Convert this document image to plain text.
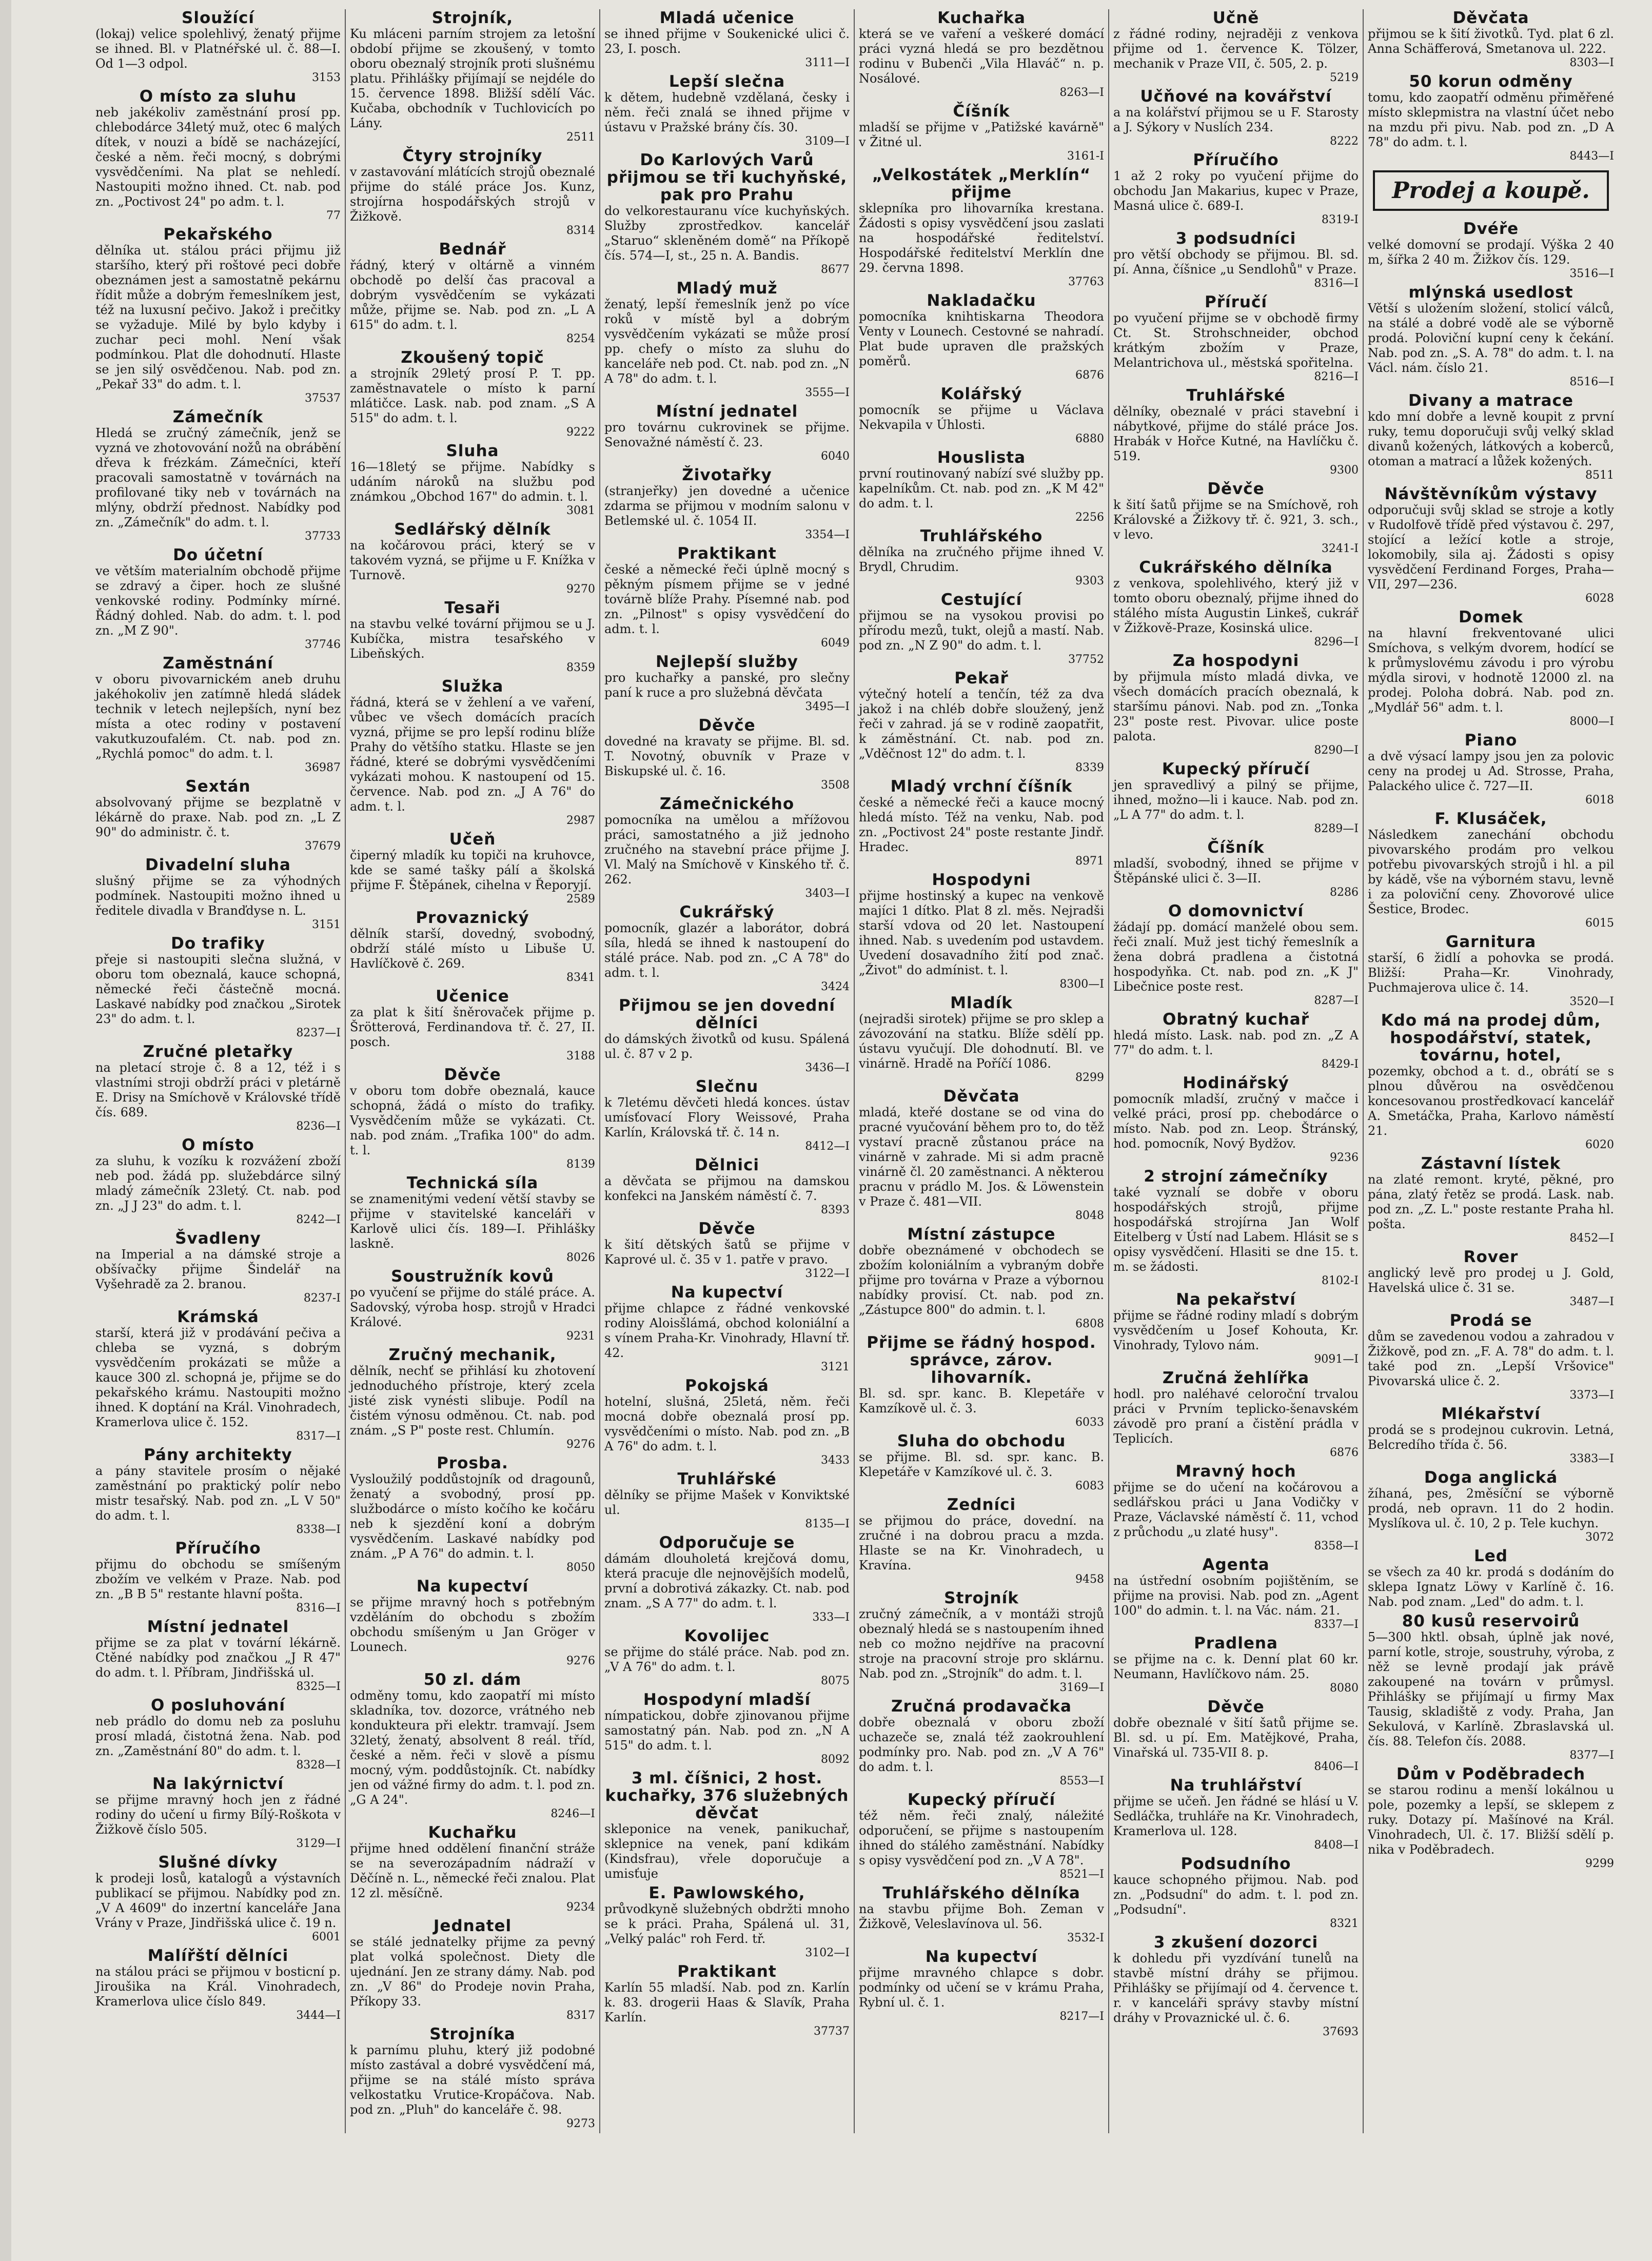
Sloužící

(lokaj) velice spolehlivý, ženatý přijme se ihned. Bl. v Platnéřské ul. č. 88—I. Od 1—3 odpol.

3153

O místo za sluhu

neb jakékoliv zaměstnání prosí pp. chlebodárce 34letý muž, otec 6 malých dítek, v nouzi a bídě se nacházející, české a něm. řeči mocný, s dobrými vysvědčeními. Na plat se nehledí. Nastoupiti možno ihned. Ct. nab. pod zn. „Poctivost 24" po adm. t. l.

77

Pekařského

dělníka ut. stálou práci přijmu již staršího, který při roštové peci dobře obeznámen jest a samostatně pekárnu řídit může a dobrým řemeslníkem jest, též na luxusní pečivo. Jakož i prečitky se vyžaduje. Milé by bylo kdyby i zuchar peci mohl. Není však podmínkou. Plat dle dohodnutí. Hlaste se jen silý osvědčenou. Nab. pod zn. „Pekař 33" do adm. t. l.

37537

Zámečník

Hledá se zručný zámečník, jenž se vyzná ve zhotovování nožů na obrábění dřeva k frézkám. Zámečníci, kteří pracovali samostatně v továrnách na profilované tiky neb v továrnách na mlýny, obdrží přednost. Nabídky pod zn. „Zámečník" do adm. t. l.

37733

Do účetní

ve větším materialním obchodě přijme se zdravý a čiper. hoch ze slušné venkovské rodiny. Podmínky mírné. Řádný dohled. Nab. do adm. t. l. pod zn. „M Z 90".

37746

Zaměstnání

v oboru pivovarnickém aneb druhu jakéhokoliv jen zatímně hledá sládek technik v letech nejlepších, nyní bez místa a otec rodiny v postavení vakutkuzoufalém. Ct. nab. pod zn. „Rychlá pomoc" do adm. t. l.

36987

Sextán

absolvovaný přijme se bezplatně v lékárně do praxe. Nab. pod zn. „L Z 90" do administr. č. t.

37679

Divadelní sluha

slušný přijme se za výhodných podmínek. Nastoupiti možno ihned u ředitele divadla v Branďdyse n. L.

3151

Do trafiky

přeje si nastoupiti slečna služná, v oboru tom obeznalá, kauce schopná, německé řeči částečně mocná. Laskavé nabídky pod značkou „Sirotek 23" do adm. t. l.

8237—I

Zručné pletařky

na pletací stroje č. 8 a 12, též i s vlastními stroji obdrží práci v pletárně E. Drisy na Smíchově v Královské třídě čís. 689.

8236—I

O místo

za sluhu, k vozíku k rozvážení zboží neb pod. žádá pp. služebdárce silný mladý zámečník 23letý. Ct. nab. pod zn. „J J 23" do adm. t. l.

8242—I

Švadleny

na Imperial a na dámské stroje a obšívačky přijme Šindelář na Vyšehradě za 2. branou.

8237-I

Krámská

starší, která již v prodávání pečiva a chleba se vyzná, s dobrým vysvědčením prokázati se může a kauce 300 zl. schopná je, přijme se do pekařského krámu. Nastoupiti možno ihned. K doptání na Král. Vinohradech, Kramerlova ulice č. 152.

8317—I

Pány architekty

a pány stavitele prosím o nějaké zaměstnání po praktický polír nebo mistr tesařský. Nab. pod zn. „L V 50" do adm. t. l.

8338—I

Příručího

přijmu do obchodu se smíšeným zbožím ve velkém v Praze. Nab. pod zn. „B B 5" restante hlavní pošta.

8316—I

Místní jednatel

přijme se za plat v tovární lékárně. Ctěné nabídky pod značkou „J R 47" do adm. t. l. Příbram, Jindřišská ul.

8325—I

O posluhování

neb prádlo do domu neb za posluhu prosí mladá, čistotná žena. Nab. pod zn. „Zaměstnání 80" do adm. t. l.

8328—I

Na lakýrnictví

se přijme mravný hoch jen z řádné rodiny do učení u firmy Bílý-Roškota v Žižkově číslo 505.

3129—I

Slušné dívky

k prodeji losů, katalogů a výstavních publikací se přijmou. Nabídky pod zn. „V A 4609" do inzertní kanceláře Jana Vrány v Praze, Jindřišská ulice č. 19 n.

6001

Malířští dělníci

na stálou práci se přijmou v bosticní p. Jiroušika na Král. Vinohradech, Kramerlova ulice číslo 849.

3444—I

Strojník,

Ku mláceni parním strojem za letošní období přijme se zkoušený, v tomto oboru obeznalý strojník proti slušnému platu. Přihlášky přijímají se nejdéle do 15. července 1898. Bližší sdělí Vác. Kučaba, obchodník v Tuchlovicích po Lány.

2511

Čtyry strojníky

v zastavování mlátících strojů obeznalé přijme do stálé práce Jos. Kunz, strojírna hospodářských strojů v Žižkově.

8314

Bednář

řádný, který v oltárně a vinném obchodě po delší čas pracoval a dobrým vysvědčením se vykázati může, přijme se. Nab. pod zn. „L A 615" do adm. t. l.

8254

Zkoušený topič

a strojník 29letý prosí P. T. pp. zaměstnavatele o místo k parní mlátičce. Lask. nab. pod znam. „S A 515" do adm. t. l.

9222

Sluha

16—18letý se přijme. Nabídky s udáním nároků na službu pod známkou „Obchod 167" do admin. t. l.

3081

Sedlářský dělník

na kočárovou práci, který se v takovém vyzná, se přijme u F. Knížka v Turnově.

9270

Tesaři

na stavbu velké tovární přijmou se u J. Kubíčka, mistra tesařského v Libeňských.

8359

Služka

řádná, která se v žehlení a ve vaření, vůbec ve všech domácích pracích vyzná, přijme se pro lepší rodinu blíže Prahy do většího statku. Hlaste se jen řádné, které se dobrými vysvědčeními vykázati mohou. K nastoupení od 15. července. Nab. pod zn. „J A 76" do adm. t. l.

2987

Učeň

čiperný mladík ku topiči na kruhovce, kde se samé tašky pálí a školská přijme F. Štěpánek, cihelna v Řeporyjí.

2589

Provaznický

dělník starší, dovedný, svobodný, obdrží stálé místo u Libuše U. Havlíčkově č. 269.

8341

Učenice

za plat k šití šněrovaček přijme p. Šrötterová, Ferdinandova tř. č. 27, II. posch.

3188

Děvče

v oboru tom dobře obeznalá, kauce schopná, žádá o místo do trafiky. Vysvědčením může se vykázati. Ct. nab. pod znám. „Trafika 100" do adm. t. l.

8139

Technická síla

se znamenitými vedení větší stavby se přijme v stavitelské kanceláři v Karlově ulici čís. 189—I. Přihlášky laskně.

8026

Soustružník kovů

po vyučení se přijme do stálé práce. A. Sadovský, výroba hosp. strojů v Hradci Králové.

9231

Zručný mechanik,

dělník, nechť se přihlásí ku zhotovení jednoduchého přístroje, který zcela jisté zisk vynésti slibuje. Podíl na čistém výnosu odměnou. Ct. nab. pod znám. „S P" poste rest. Chlumín.

9276

Prosba.

Vysloužilý poddůstojník od dragounů, ženatý a svobodný, prosí pp. službodárce o místo kočího ke kočáru neb k sjezdění koní a dobrým vysvědčením. Laskavé nabídky pod znám. „P A 76" do admin. t. l.

8050

Na kupectví

se přijme mravný hoch s potřebným vzděláním do obchodu s zbožím obchodu smíšeným u Jan Gröger v Lounech.

9276

50 zl. dám

odměny tomu, kdo zaopatří mi místo skladníka, tov. dozorce, vrátného neb kondukteura při elektr. tramvají. Jsem 32letý, ženatý, absolvent 8 reál. tříd, české a něm. řeči v slově a písmu mocný, vým. poddůstojník. Ct. nabídky jen od vážné firmy do adm. t. l. pod zn. „G A 24".

8246—I

Kuchařku

přijme hned oddělení finanční stráže se na severozápadním nádraží v Děčíně n. L., německé řeči znalou. Plat 12 zl. měsíčně.

9234

Jednatel

se stálé jednatelky přijme za pevný plat volká společnost. Diety dle ujednání. Jen ze strany dámy. Nab. pod zn. „V 86" do Prodeje novin Praha, Příkopy 33.

8317

Strojníka

k parnímu pluhu, který již podobné místo zastával a dobré vysvědčení má, přijme se na stálé místo správa velkostatku Vrutice-Kropáčova. Nab. pod zn. „Pluh" do kanceláře č. 98.

9273

Mladá učenice

se ihned přijme v Soukenické ulici č. 23, I. posch.

3111—I

Lepší slečna

k dětem, hudebně vzdělaná, česky i něm. řeči znalá se ihned přijme v ústavu v Pražské brány čís. 30.

3109—I

Do Karlových Varů přijmou se tři kuchyňské, pak pro Prahu

do velkorestauranu více kuchyňských. Služby zprostředkov. kancelář „Staruo“ skleněném domě“ na Příkopě čís. 574—I, st., 25 n. A. Bandis.

8677

Mladý muž

ženatý, lepší řemeslník jenž po více roků v místě byl a dobrým vysvědčením vykázati se může prosí pp. chefy o místo za sluhu do kanceláře neb pod. Ct. nab. pod zn. „N A 78" do adm. t. l.

3555—I

Místní jednatel

pro továrnu cukrovinek se přijme. Senovažné náměstí č. 23.

6040

Životařky

(stranjeřky) jen dovedné a učenice zdarma se přijmou v modním salonu v Betlemské ul. č. 1054 II.

3354—I

Praktikant

české a německé řeči úplně mocný s pěkným písmem přijme se v jedné továrně blíže Prahy. Písemné nab. pod zn. „Pilnost" s opisy vysvědčení do adm. t. l.

6049

Nejlepší služby

pro kuchařky a panské, pro slečny paní k ruce a pro služebná děvčata

3495—I

Děvče

dovedné na kravaty se přijme. Bl. sd. T. Novotný, obuvník v Praze v Biskupské ul. č. 16.

3508

Zámečnického

pomocníka na umělou a mřížovou práci, samostatného a již jednoho zručného na stavební práce přijme J. Vl. Malý na Smíchově v Kinského tř. č. 262.

3403—I

Cukrářský

pomocník, glazér a laborátor, dobrá síla, hledá se ihned k nastoupení do stálé práce. Nab. pod zn. „C A 78" do adm. t. l.

3424

Přijmou se jen dovední dělníci

do dámských životků od kusu. Spálená ul. č. 87 v 2 p.

3436—I

Slečnu

k 7letému děvčeti hledá konces. ústav umísťovací Flory Weissové, Praha Karlín, Královská tř. č. 14 n.

8412—I

Dělnici

a děvčata se přijmou na damskou konfekci na Janském náměstí č. 7.

8393

Děvče

k šití dětských šatů se přijme v Kaprové ul. č. 35 v 1. patře v pravo.

3122—I

Na kupectví

přijme chlapce z řádné venkovské rodiny Aloisšlámá, obchod koloniální a s vínem Praha-Kr. Vinohrady, Hlavní tř. 42.

3121

Pokojská

hotelní, slušná, 25letá, něm. řeči mocná dobře obeznalá prosí pp. vysvědčeními o místo. Nab. pod zn. „B A 76" do adm. t. l.

3433

Truhlářské

dělníky se přijme Mašek v Konviktské ul.

8135—I

Odporučuje se

dámám dlouholetá krejčová domu, která pracuje dle nejnovějších modelů, první a dobrotivá zákazky. Ct. nab. pod znam. „S A 77" do adm. t. l.

333—I

Kovolijec

se přijme do stálé práce. Nab. pod zn. „V A 76" do adm. t. l.

8075

Hospodyní mladší

nímpatickou, dobře zjinovanou přijme samostatný pán. Nab. pod zn. „N A 515" do adm. t. l.

8092

3 ml. číšnici, 2 host. kuchařky, 376 služebných děvčat

skleponice na venek, panikuchař, sklepnice na venek, paní kdikám (Kindsfrau), vřele doporučuje a umisťuje

E. Pawlowského,

průvodkyně služebných obdržti mnoho se k práci. Praha, Spálená ul. 31, „Velký palác" roh Ferd. tř.

3102—I

Praktikant

Karlín 55 mladší. Nab. pod zn. Karlín k. 83. drogerii Haas & Slavík, Praha Karlín.

37737

Kuchařka

která se ve vaření a veškeré domácí práci vyzná hledá se pro bezdětnou rodinu v Bubenči „Vila Hlaváč“ n. p. Nosálové.

8263—I

Číšník

mladší se přijme v „Patižské kavárně" v Žitné ul.

3161-I

„Velkostátek „Merklín“ přijme

sklepníka pro lihovarníka krestana. Žádosti s opisy vysvědčení jsou zaslati na hospodářské ředitelství. Hospodářské ředitelství Merklín dne 29. června 1898.

37763

Nakladačku

pomocníka knihtiskarna Theodora Venty v Lounech. Cestovné se nahradí. Plat bude upraven dle pražských poměrů.

6876

Kolářský

pomocník se přijme u Václava Nekvapila v Úhlosti.

6880

Houslista

první routinovaný nabízí své služby pp. kapelníkům. Ct. nab. pod zn. „K M 42" do adm. t. l.

2256

Truhlářského

dělníka na zručného přijme ihned V. Brydl, Chrudim.

9303

Cestující

přijmou se na vysokou provisi po přírodu mezů, tukt, olejů a mastí. Nab. pod zn. „N Z 90" do adm. t. l.

37752

Pekař

výtečný hotelí a tenčín, též za dva jakož i na chléb dobře sloužený, jenž řeči v zahrad. já se v rodině zaopatřit, k záměstnání. Ct. nab. pod zn. „Vděčnost 12" do adm. t. l.

8339

Mladý vrchní číšník

české a německé řeči a kauce mocný hledá místo. Též na venku, Nab. pod zn. „Poctivost 24" poste restante Jindř. Hradec.

8971

Hospodyni

přijme hostinský a kupec na venkově majíci 1 dítko. Plat 8 zl. měs. Nejradši starší vdova od 20 let. Nastoupení ihned. Nab. s uvedením pod ustavdem. Uvedení dosavadního žití pod znač. „Život" do admínist. t. l.

8300—I

Mladík

(nejradši sirotek) přijme se pro sklep a závozování na statku. Blíže sdělí pp. ústavu vyučují. Dle dohodnutí. Bl. ve vinárně. Hradě na Poříčí 1086.

8299

Děvčata

mladá, kteřé dostane se od vina do pracné vyučování během pro to, do těž vystaví pracně zůstanou práce na vinárně v zahrade. Mi si adm pracně vinárně čl. 20 zaměstnanci. A některou pracnu v prádlo M. Jos. & Löwenstein v Praze č. 481—VII.

8048

Místní zástupce

dobře obeznámené v obchodech se zbožím koloniálním a vybraným dobře přijme pro továrna v Praze a výbornou nabídky provisí. Ct. nab. pod zn. „Zástupce 800" do admin. t. l.

6808

Přijme se řádný hospod. správce, zárov. lihovarník.

Bl. sd. spr. kanc. B. Klepetáře v Kamzíkově ul. č. 3.

6033

Sluha do obchodu

se přijme. Bl. sd. spr. kanc. B. Klepetáře v Kamzíkové ul. č. 3.

6083

Zedníci

se přijmou do práce, dovední. na zručné i na dobrou pracu a mzda. Hlaste se na Kr. Vinohradech, u Kravína.

9458

Strojník

zručný zámečník, a v montáži strojů obeznalý hledá se s nastoupením ihned neb co možno nejdříve na pracovní stroje na pracovní stroje pro sklárnu. Nab. pod zn. „Strojník" do adm. t. l.

3169—I

Zručná prodavačka

dobře obeznalá v oboru zboží uchazeče se, znalá též zaokrouhlení podmínky pro. Nab. pod zn. „V A 76" do adm. t. l.

8553—I

Kupecký příručí

též něm. řeči znalý, náležité odporučení, se přijme s nastoupením ihned do stálého zaměstnání. Nabídky s opisy vysvědčení pod zn. „V A 78".

8521—I

Truhlářského dělníka

na stavbu přijme Boh. Zeman v Žižkově, Veleslavínova ul. 56.

3532-I

Na kupectví

přijme mravného chlapce s dobr. podmínky od učení se v krámu Praha, Rybní ul. č. 1.

8217—I

Učně

z řádné rodiny, nejraději z venkova přijme od 1. července K. Tölzer, mechanik v Praze VII, č. 505, 2. p.

5219

Učňové na kovářství

a na kolářství přijmou se u F. Starosty a J. Sýkory v Nuslích 234.

8222

Příručího

1 až 2 roky po vyučení přijme do obchodu Jan Makarius, kupec v Praze, Masná ulice č. 689-I.

8319-I

3 podsudníci

pro větší obchody se přijmou. Bl. sd. pí. Anna, číšnice „u Sendlohů" v Praze.

8316—I

Příručí

po vyučení přijme se v obchodě firmy Ct. St. Strohschneider, obchod krátkým zbožím v Praze, Melantrichova ul., městská spořitelna.

8216—I

Truhlářské

dělníky, obeznalé v práci stavební i nábytkové, přijme do stálé práce Jos. Hrabák v Hořce Kutné, na Havlíčku č. 519.

9300

Děvče

k šití šatů přijme se na Smíchově, roh Královské a Žižkovy tř. č. 921, 3. sch., v levo.

3241-I

Cukrářského dělníka

z venkova, spolehlivého, který již v tomto oboru obeznalý, přijme ihned do stálého místa Augustin Linkeš, cukrář v Žižkově-Praze, Kosinská ulice.

8296—I

Za hospodyni

by přijmula místo mladá divka, ve všech domácích pracích obeznalá, k staršímu pánovi. Nab. pod zn. „Tonka 23" poste rest. Pivovar. ulice poste palota.

8290—I

Kupecký příručí

jen spravedlivý a pilný se přijme, ihned, možno—li i kauce. Nab. pod zn. „L A 77" do adm. t. l.

8289—I

Číšník

mladší, svobodný, ihned se přijme v Štěpánské ulici č. 3—II.

8286

O domovnictví

žádají pp. domácí manželé obou sem. řeči znalí. Muž jest tichý řemeslník a žena dobrá pradlena a čistotná hospodyňka. Ct. nab. pod zn. „K J" Libečnice poste rest.

8287—I

Obratný kuchař

hledá místo. Lask. nab. pod zn. „Z A 77" do adm. t. l.

8429-I

Hodinářský

pomocník mladší, zručný v mačce i velké práci, prosí pp. chebodárce o místo. Nab. pod zn. Leop. Štránský, hod. pomocník, Nový Bydžov.

9236

2 strojní zámečníky

také vyznalí se dobře v oboru hospodářských strojů, přijme hospodářská strojírna Jan Wolf Eitelberg v Ústí nad Labem. Hlásit se s opisy vysvědčení. Hlasiti se dne 15. t. m. se žádosti.

8102-I

Na pekařství

přijme se řádné rodiny mladí s dobrým vysvědčením u Josef Kohouta, Kr. Vinohrady, Tylovo nám.

9091—I

Zručná žehlířka

hodl. pro naléhavé celoroční trvalou práci v Prvním teplicko-šenavském závodě pro praní a čistění prádla v Teplicích.

6876

Mravný hoch

přijme se do učení na kočárovou a sedlářskou práci u Jana Vodičky v Praze, Václavské náměstí č. 11, vchod z průchodu „u zlaté husy".

8358—I

Agenta

na ústřední osobním pojištěním, se přijme na provisi. Nab. pod zn. „Agent 100" do admin. t. l. na Vác. nám. 21.

8337—I

Pradlena

se přijme na c. k. Denní plat 60 kr. Neumann, Havlíčkovo nám. 25.

8080

Děvče

dobře obeznalé v šití šatů přijme se. Bl. sd. u pí. Em. Matějkové, Praha, Vinařská ul. 735-VII 8. p.

8406—I

Na truhlářství

přijme se učeň. Jen řádné se hlásí u V. Sedláčka, truhláře na Kr. Vinohradech, Kramerlova ul. 128.

8408—I

Podsudního

kauce schopného přijmou. Nab. pod zn. „Podsudní" do adm. t. l. pod zn. „Podsudní".

8321

3 zkušení dozorci

k dohledu při vyzdívání tunelů na stavbě místní dráhy se přijmou. Přihlášky se přijímají od 4. července t. r. v kanceláři správy stavby místní dráhy v Provaznické ul. č. 6.

37693

Děvčata

přijmou se k šití životků. Tyd. plat 6 zl. Anna Schäfferová, Smetanova ul. 222.

8303—I

50 korun odměny

tomu, kdo zaopatří odměnu přiměřené místo sklepmistra na vlastní účet nebo na mzdu při pivu. Nab. pod zn. „D A 78" do adm. t. l.

8443—I

Prodej a koupě.
Dvéře

velké domovní se prodají. Výška 2 40 m, šířka 2 40 m. Žižkov čís. 129.

3516—I

mlýnská usedlost

Větší s uložením složení, stolicí válců, na stálé a dobré vodě ale se výborně prodá. Poloviční kupní ceny k čekání. Nab. pod zn. „S. A. 78" do adm. t. l. na Václ. nám. číslo 21.

8516—I

Divany a matrace

kdo mní dobře a levně koupit z první ruky, temu doporučuji svůj velký sklad divanů kožených, látkových a koberců, otoman a matrací a lůžek kožených.

8511

Návštěvníkům výstavy

odporučuji svůj sklad se stroje a kotly v Rudolfově třídě před výstavou č. 297, stojící a ležící kotle a stroje, lokomobily, sila aj. Žádosti s opisy vysvědčení Ferdinand Forges, Praha—VII, 297—236.

6028

Domek

na hlavní frekventované ulici Smíchova, s velkým dvorem, hodící se k průmyslovému závodu i pro výrobu mýdla sirovi, v hodnotě 12000 zl. na prodej. Poloha dobrá. Nab. pod zn. „Mydlář 56" adm. t. l.

8000—I

Piano

a dvě výsací lampy jsou jen za polovic ceny na prodej u Ad. Strosse, Praha, Palackého ulice č. 727—II.

6018

F. Klusáček,

Následkem zanechání obchodu pivovarského prodám pro velkou potřebu pivovarských strojů i hl. a pil by kádě, vše na výborném stavu, levně i za poloviční ceny. Zhovorové ulice Šestice, Brodec.

6015

Garnitura

starší, 6 židlí a pohovka se prodá. Bližší: Praha—Kr. Vinohrady, Puchmajerova ulice č. 14.

3520—I

Kdo má na prodej dům, hospodářství, statek, továrnu, hotel,

pozemky, obchod a t. d., obrátí se s plnou důvěrou na osvědčenou koncesovanou prostředkovací kancelář A. Smetáčka, Praha, Karlovo náměstí 21.

6020

Zástavní lístek

na zlaté remont. kryté, pěkné, pro pána, zlatý řetěz se prodá. Lask. nab. pod zn. „Z. L." poste restante Praha hl. pošta.

8452—I

Rover

anglický levě pro prodej u J. Gold, Havelská ulice č. 31 se.

3487—I

Prodá se

dům se zavedenou vodou a zahradou v Žižkově, pod zn. „F. A. 78" do adm. t. l. také pod zn. „Lepší Vršovice" Pivovarská ulice č. 2.

3373—I

Mlékařství

prodá se s prodejnou cukrovin. Letná, Belcredího třída č. 56.

3383—I

Doga anglická

žíhaná, pes, 2měsíční se výborně prodá, neb opravn. 11 do 2 hodin. Myslíkova ul. č. 10, 2 p. Tele kuchyn.

3072

Led

se všech za 40 kr. prodá s dodáním do sklepa Ignatz Löwy v Karlíně č. 16. Nab. pod znam. „Led" do adm. t. l.

80 kusů reservoirů

5—300 hktl. obsah, úplně jak nové, parní kotle, stroje, soustruhy, výroba, z něž se levně prodají jak právě zakoupené na továrn v průmysl. Přihlášky se přijímají u firmy Max Tausig, skladiště z vody. Praha, Jan Sekulová, v Karlíně. Zbraslavská ul. čís. 88. Telefon čís. 2088.

8377—I

Dům v Poděbradech

se starou rodinu a menší lokálnou u pole, pozemky a lepší, se sklepem z ruky. Dotazy pí. Mašínové na Král. Vinohradech, Ul. č. 17. Bližší sdělí p. nika v Poděbradech.

9299
